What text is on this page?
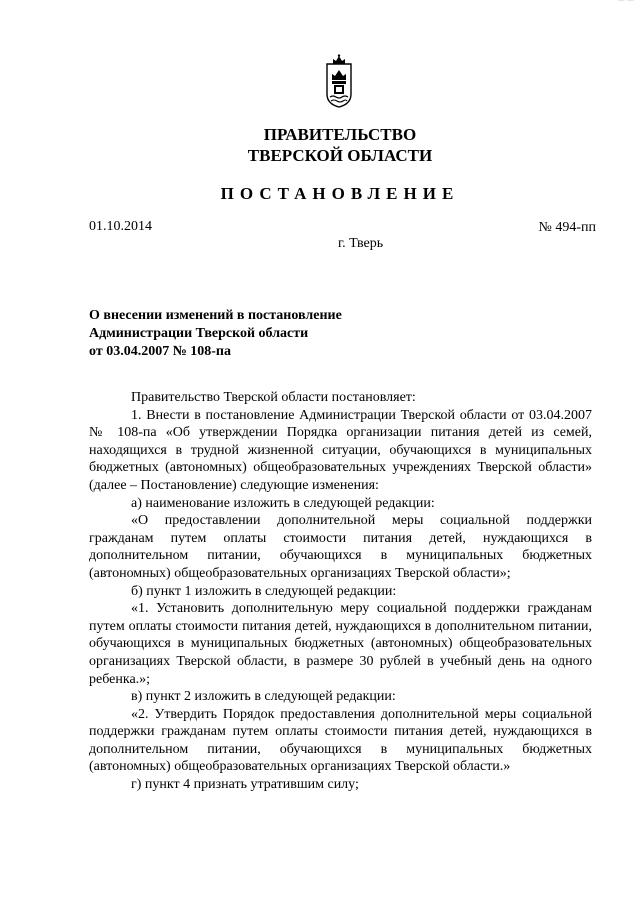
— —
ПРАВИТЕЛЬСТВО
ТВЕРСКОЙ ОБЛАСТИ
ПОСТАНОВЛЕНИЕ
01.10.2014	№ 494-пп
г. Тверь
О внесении изменений в постановление
Администрации Тверской области
от 03.04.2007 № 108-па

Правительство Тверской области постановляет:

1. Внести в постановление Администрации Тверской области от 03.04.2007 № 108-па «Об утверждении Порядка организации питания детей из семей, находящихся в трудной жизненной ситуации, обучающихся в муниципальных бюджетных (автономных) общеобразовательных учреждениях Тверской области» (далее – Постановление) следующие изменения:

а) наименование изложить в следующей редакции:

«О предоставлении дополнительной меры социальной поддержки гражданам путем оплаты стоимости питания детей, нуждающихся в дополнительном питании, обучающихся в муниципальных бюджетных (автономных) общеобразовательных организациях Тверской области»;

б) пункт 1 изложить в следующей редакции:

«1. Установить дополнительную меру социальной поддержки гражданам путем оплаты стоимости питания детей, нуждающихся в дополнительном питании, обучающихся в муниципальных бюджетных (автономных) общеобразовательных организациях Тверской области, в размере 30 рублей в учебный день на одного ребенка.»;

в) пункт 2 изложить в следующей редакции:

«2. Утвердить Порядок предоставления дополнительной меры социальной поддержки гражданам путем оплаты стоимости питания детей, нуждающихся в дополнительном питании, обучающихся в муниципальных бюджетных (автономных) общеобразовательных организациях Тверской области.»

г) пункт 4 признать утратившим силу;
